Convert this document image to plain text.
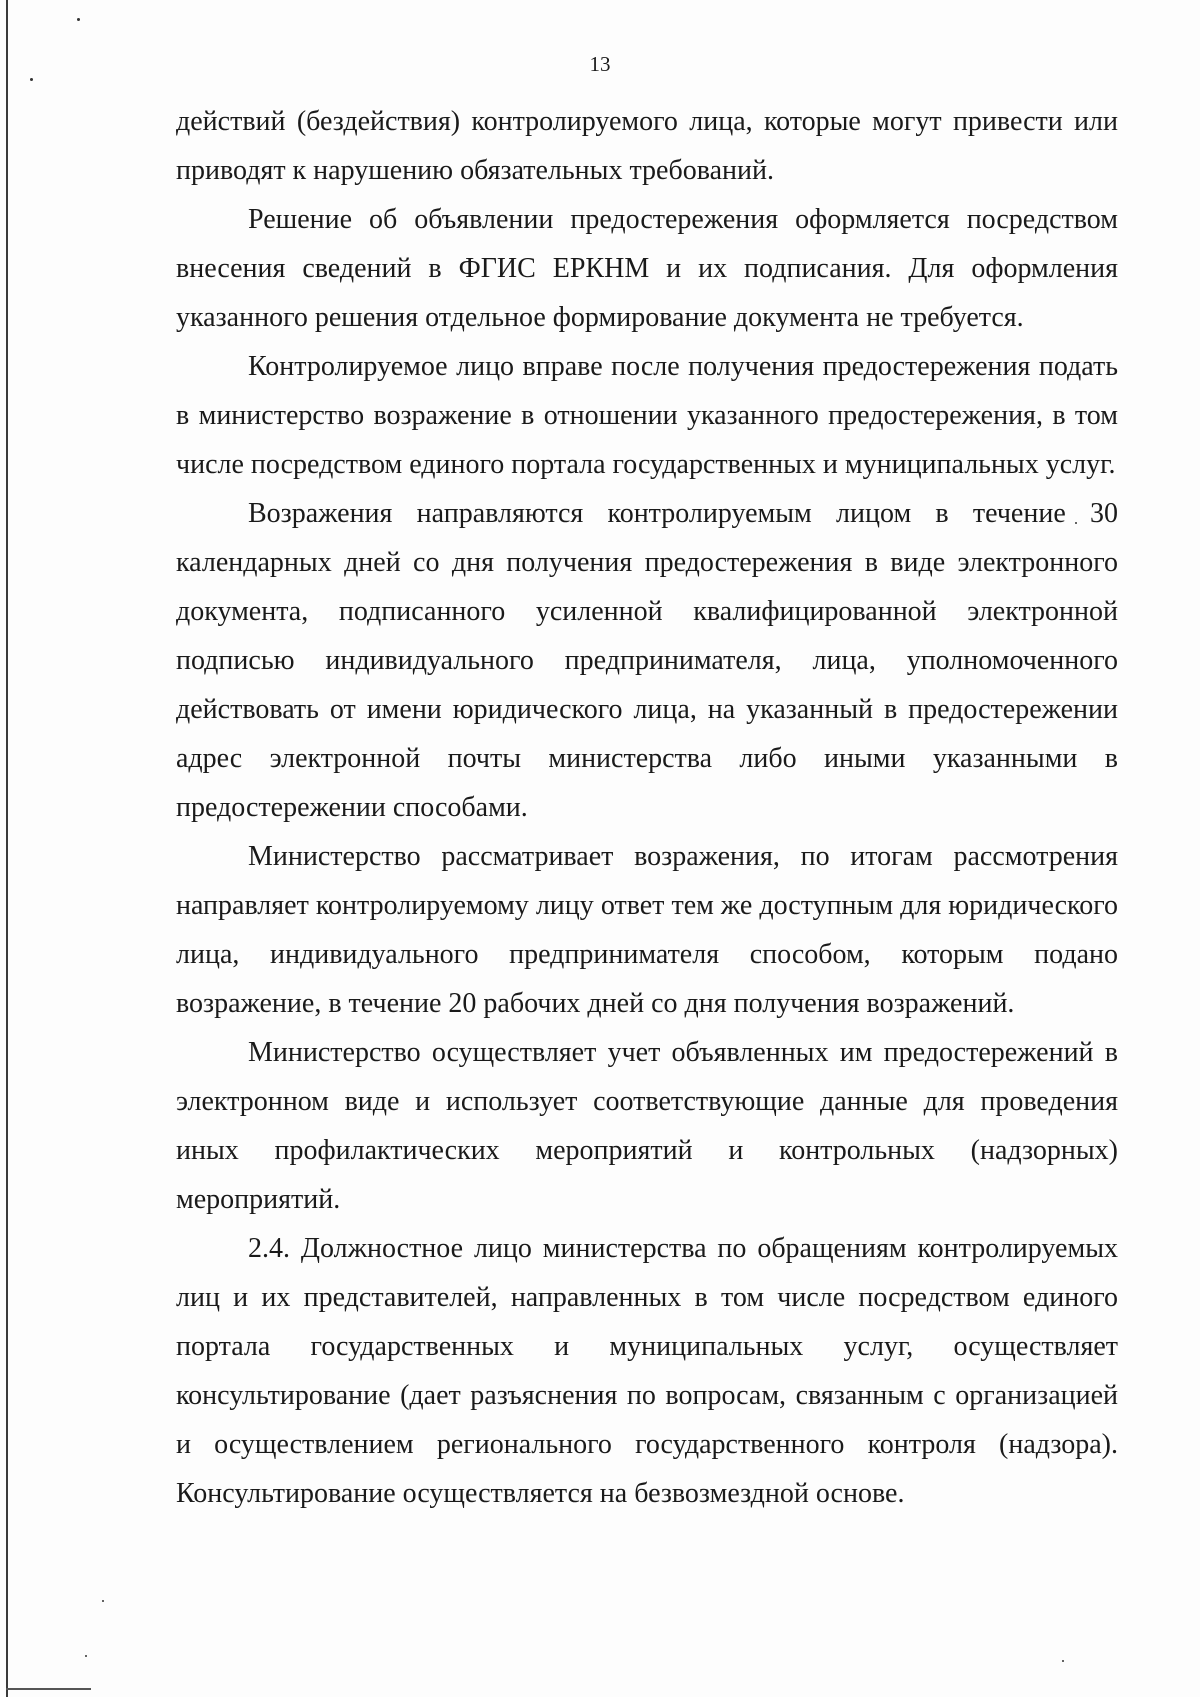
13

действий (бездействия) контролируемого лица, которые могут привести или приводят к нарушению обязательных требований.

Решение об объявлении предостережения оформляется посредством внесения сведений в ФГИС ЕРКНМ и их подписания. Для оформления указанного решения отдельное формирование документа не требуется.

Контролируемое лицо вправе после получения предостережения подать в министерство возражение в отношении указанного предостережения, в том числе посредством единого портала государственных и муниципальных услуг.

Возражения направляются контролируемым лицом в течение 30 календарных дней со дня получения предостережения в виде электронного документа, подписанного усиленной квалифицированной электронной подписью индивидуального предпринимателя, лица, уполномоченного действовать от имени юридического лица, на указанный в предостережении адрес электронной почты министерства либо иными указанными в предостережении способами.

Министерство рассматривает возражения, по итогам рассмотрения направляет контролируемому лицу ответ тем же доступным для юридического лица, индивидуального предпринимателя способом, которым подано возражение, в течение 20 рабочих дней со дня получения возражений.

Министерство осуществляет учет объявленных им предостережений в электронном виде и использует соответствующие данные для проведения иных профилактических мероприятий и контрольных (надзорных) мероприятий.

2.4. Должностное лицо министерства по обращениям контролируемых лиц и их представителей, направленных в том числе посредством единого портала государственных и муниципальных услуг, осуществляет консультирование (дает разъяснения по вопросам, связанным с организацией и осуществлением регионального государственного контроля (надзора). Консультирование осуществляется на безвозмездной основе.
